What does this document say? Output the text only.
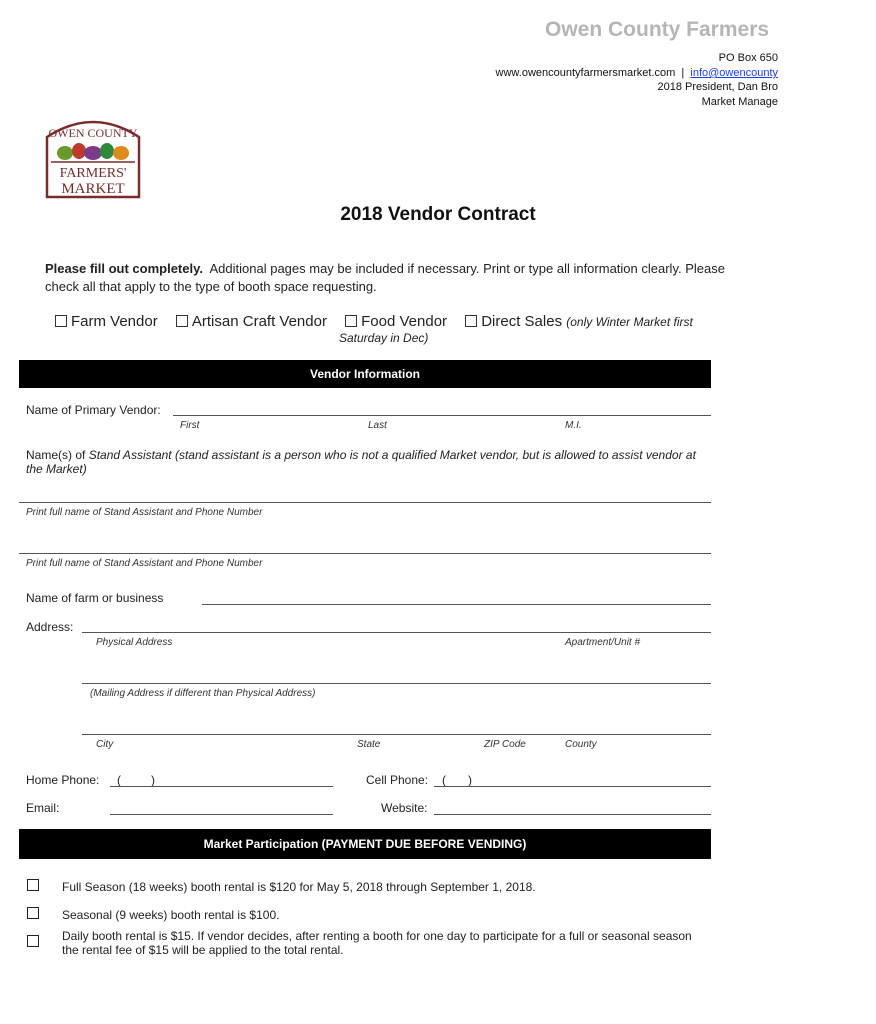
Owen County Farmers
PO Box 650
www.owencountyfarmersmarket.com | info@owencounty
2018 President, Dan Bro
Market Manage
OWEN COUNTY
FARMERS'
MARKET
2018 Vendor Contract
Please fill out completely. Additional pages may be included if necessary. Print or type all information clearly. Please check all that apply to the type of booth space requesting.
Farm Vendor Artisan Craft Vendor Food Vendor Direct Sales (only Winter Market first
Saturday in Dec)
Vendor Information
Name of Primary Vendor:
First	Last	M.I.
Name(s) of Stand Assistant (stand assistant is a person who is not a qualified Market vendor, but is allowed to assist vendor at the Market)
Print full name of Stand Assistant and Phone Number
Print full name of Stand Assistant and Phone Number
Name of farm or business
Address:
Physical Address	Apartment/Unit #
(Mailing Address if different than Physical Address)
City	State	ZIP Code	County
Home Phone: (	)	Cell Phone: ( )
Email:	Website:
Market Participation (PAYMENT DUE BEFORE VENDING)
Full Season (18 weeks) booth rental is $120 for May 5, 2018 through September 1, 2018.
Seasonal (9 weeks) booth rental is $100.
Daily booth rental is $15. If vendor decides, after renting a booth for one day to participate for a full or seasonal season the rental fee of $15 will be applied to the total rental.
